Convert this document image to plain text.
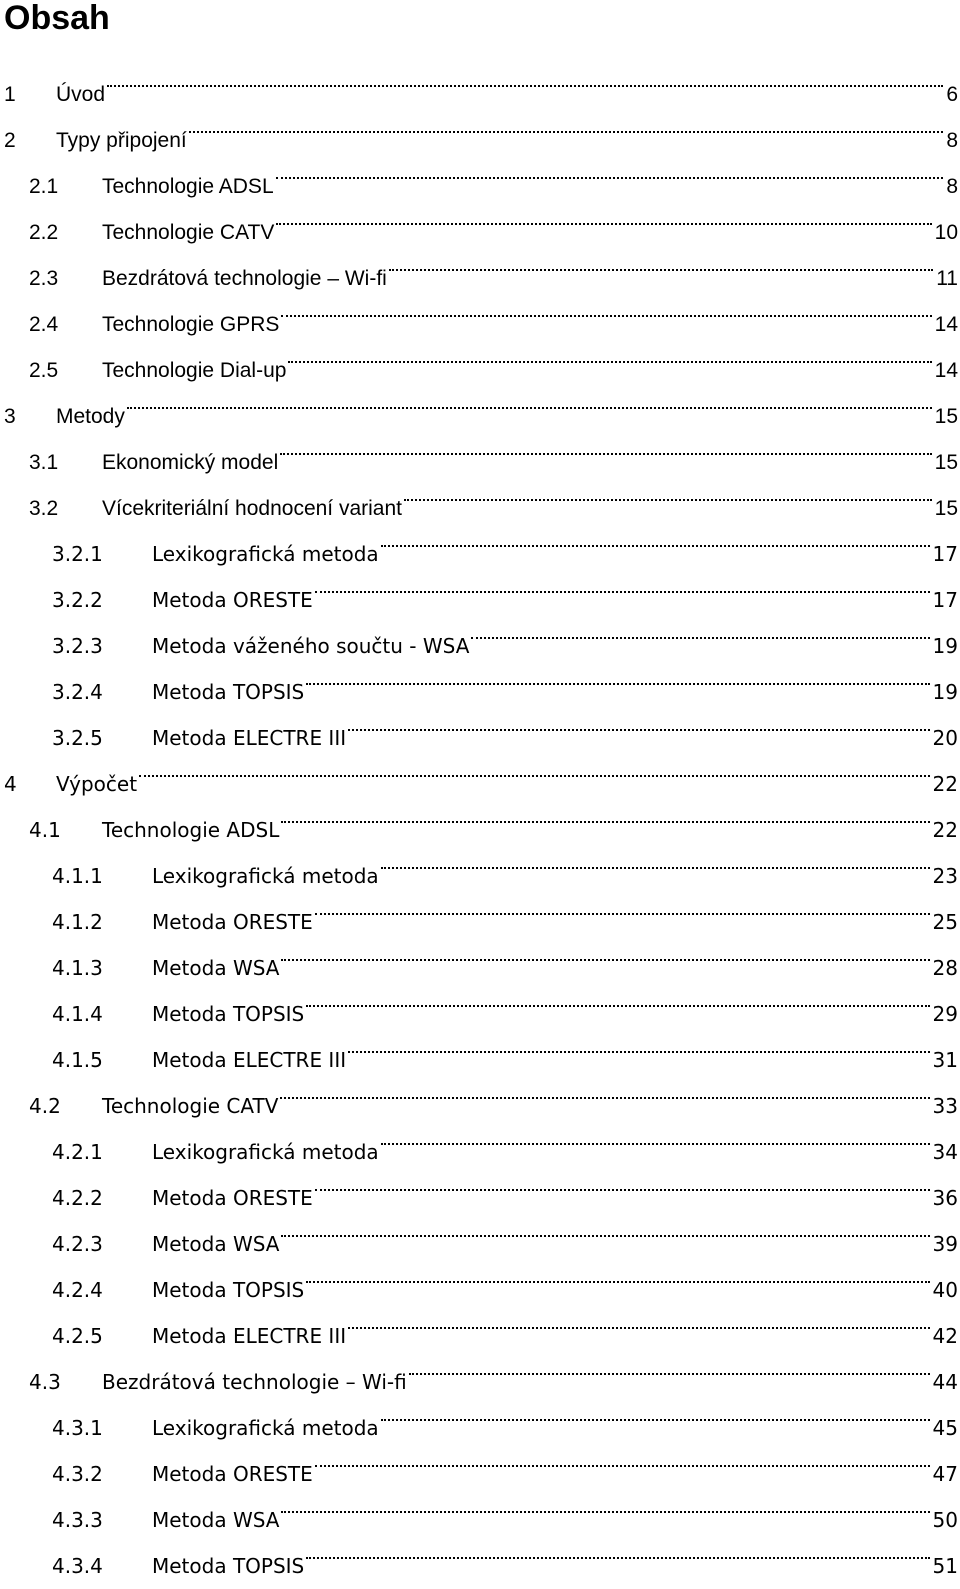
Obsah
1	Úvod	6
2	Typy připojení	8
2.1	Technologie ADSL	8
2.2	Technologie CATV	10
2.3	Bezdrátová technologie – Wi-fi	11
2.4	Technologie GPRS	14
2.5	Technologie Dial-up	14
3	Metody	15
3.1	Ekonomický model	15
3.2	Vícekriteriální hodnocení variant	15
3.2.1	Lexikografická metoda	17
3.2.2	Metoda ORESTE	17
3.2.3	Metoda váženého součtu - WSA	19
3.2.4	Metoda TOPSIS	19
3.2.5	Metoda ELECTRE III	20
4	Výpočet	22
4.1	Technologie ADSL	22
4.1.1	Lexikografická metoda	23
4.1.2	Metoda ORESTE	25
4.1.3	Metoda WSA	28
4.1.4	Metoda TOPSIS	29
4.1.5	Metoda ELECTRE III	31
4.2	Technologie CATV	33
4.2.1	Lexikografická metoda	34
4.2.2	Metoda ORESTE	36
4.2.3	Metoda WSA	39
4.2.4	Metoda TOPSIS	40
4.2.5	Metoda ELECTRE III	42
4.3	Bezdrátová technologie – Wi-fi	44
4.3.1	Lexikografická metoda	45
4.3.2	Metoda ORESTE	47
4.3.3	Metoda WSA	50
4.3.4	Metoda TOPSIS	51
